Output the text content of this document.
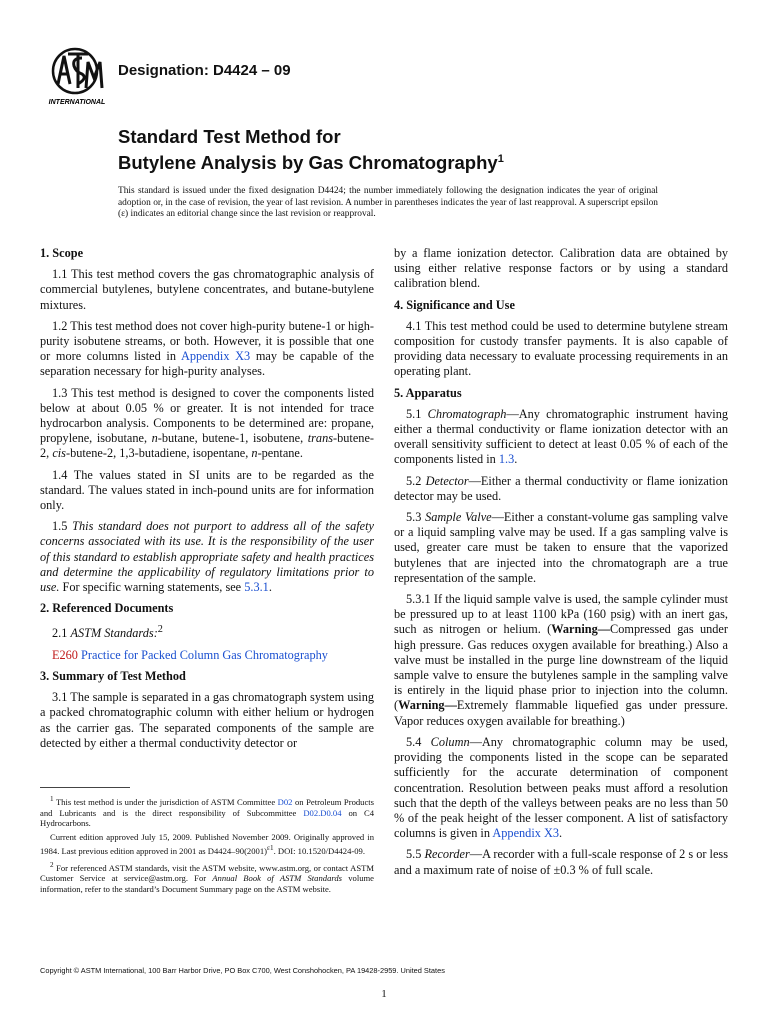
INTERNATIONAL
Designation: D4424 – 09
Standard Test Method for
Butylene Analysis by Gas Chromatography$^1$
This standard is issued under the fixed designation D4424; the number immediately following the designation indicates the year of original adoption or, in the case of revision, the year of last revision. A number in parentheses indicates the year of last reapproval. A superscript epsilon (ε) indicates an editorial change since the last revision or reapproval.
1. Scope

1.1 This test method covers the gas chromatographic analysis of commercial butylenes, butylene concentrates, and butane-butylene mixtures.

1.2 This test method does not cover high-purity butene-1 or high-purity isobutene streams, or both. However, it is possible that one or more columns listed in Appendix X3 may be capable of the separation necessary for high-purity analyses.

1.3 This test method is designed to cover the components listed below at about 0.05 % or greater. It is not intended for trace hydrocarbon analysis. Components to be determined are: propane, propylene, isobutane, n-butane, butene-1, isobutene, trans-butene-2, cis-butene-2, 1,3-butadiene, isopentane, n-pentane.

1.4 The values stated in SI units are to be regarded as the standard. The values stated in inch-pound units are for information only.

1.5 This standard does not purport to address all of the safety concerns associated with its use. It is the responsibility of the user of this standard to establish appropriate safety and health practices and determine the applicability of regulatory limitations prior to use. For specific warning statements, see 5.3.1.

2. Referenced Documents

2.1 ASTM Standards:$^2$

E260 Practice for Packed Column Gas Chromatography

3. Summary of Test Method

3.1 The sample is separated in a gas chromatograph system using a packed chromatographic column with either helium or hydrogen as the carrier gas. The separated components of the sample are detected by either a thermal conductivity detector or

$^1$ This test method is under the jurisdiction of ASTM Committee D02 on Petroleum Products and Lubricants and is the direct responsibility of Subcommittee D02.D0.04 on C4 Hydrocarbons.

Current edition approved July 15, 2009. Published November 2009. Originally approved in 1984. Last previous edition approved in 2001 as $D4424-90(2001)^{\varepsilon 1}$. DOI: 10.1520/D4424-09.

$^2$ For referenced ASTM standards, visit the ASTM website, www.astm.org, or contact ASTM Customer Service at service@astm.org. For Annual Book of ASTM Standards volume information, refer to the standard’s Document Summary page on the ASTM website.

by a flame ionization detector. Calibration data are obtained by using either relative response factors or by using a standard calibration blend.

4. Significance and Use

4.1 This test method could be used to determine butylene stream composition for custody transfer payments. It is also capable of providing data necessary to evaluate processing requirements in an operating plant.

5. Apparatus

5.1 Chromatograph—Any chromatographic instrument having either a thermal conductivity or flame ionization detector with an overall sensitivity sufficient to detect at least 0.05 % of each of the components listed in 1.3.

5.2 Detector—Either a thermal conductivity or flame ionization detector may be used.

5.3 Sample Valve—Either a constant-volume gas sampling valve or a liquid sampling valve may be used. If a gas sampling valve is used, greater care must be taken to ensure that the vaporized butylenes that are injected into the chromatograph are a true representation of the sample.

5.3.1 If the liquid sample valve is used, the sample cylinder must be pressured up to at least 1100 kPa (160 psig) with an inert gas, such as nitrogen or helium. (Warning—Compressed gas under high pressure. Gas reduces oxygen available for breathing.) Also a valve must be installed in the purge line downstream of the liquid sample valve to ensure the butylenes sample in the sampling valve is entirely in the liquid phase prior to injection into the column. (Warning—Extremely flammable liquefied gas under pressure. Vapor reduces oxygen available for breathing.)

5.4 Column—Any chromatographic column may be used, providing the components listed in the scope can be separated sufficiently for the accurate determination of component concentration. Resolution between peaks must afford a resolution such that the depth of the valleys between peaks are no less than 50 % of the peak height of the lesser component. A list of satisfactory columns is given in Appendix X3.

5.5 Recorder—A recorder with a full-scale response of 2 s or less and a maximum rate of noise of ±0.3 % of full scale.

Copyright © ASTM International, 100 Barr Harbor Drive, PO Box C700, West Conshohocken, PA 19428-2959. United States
1
